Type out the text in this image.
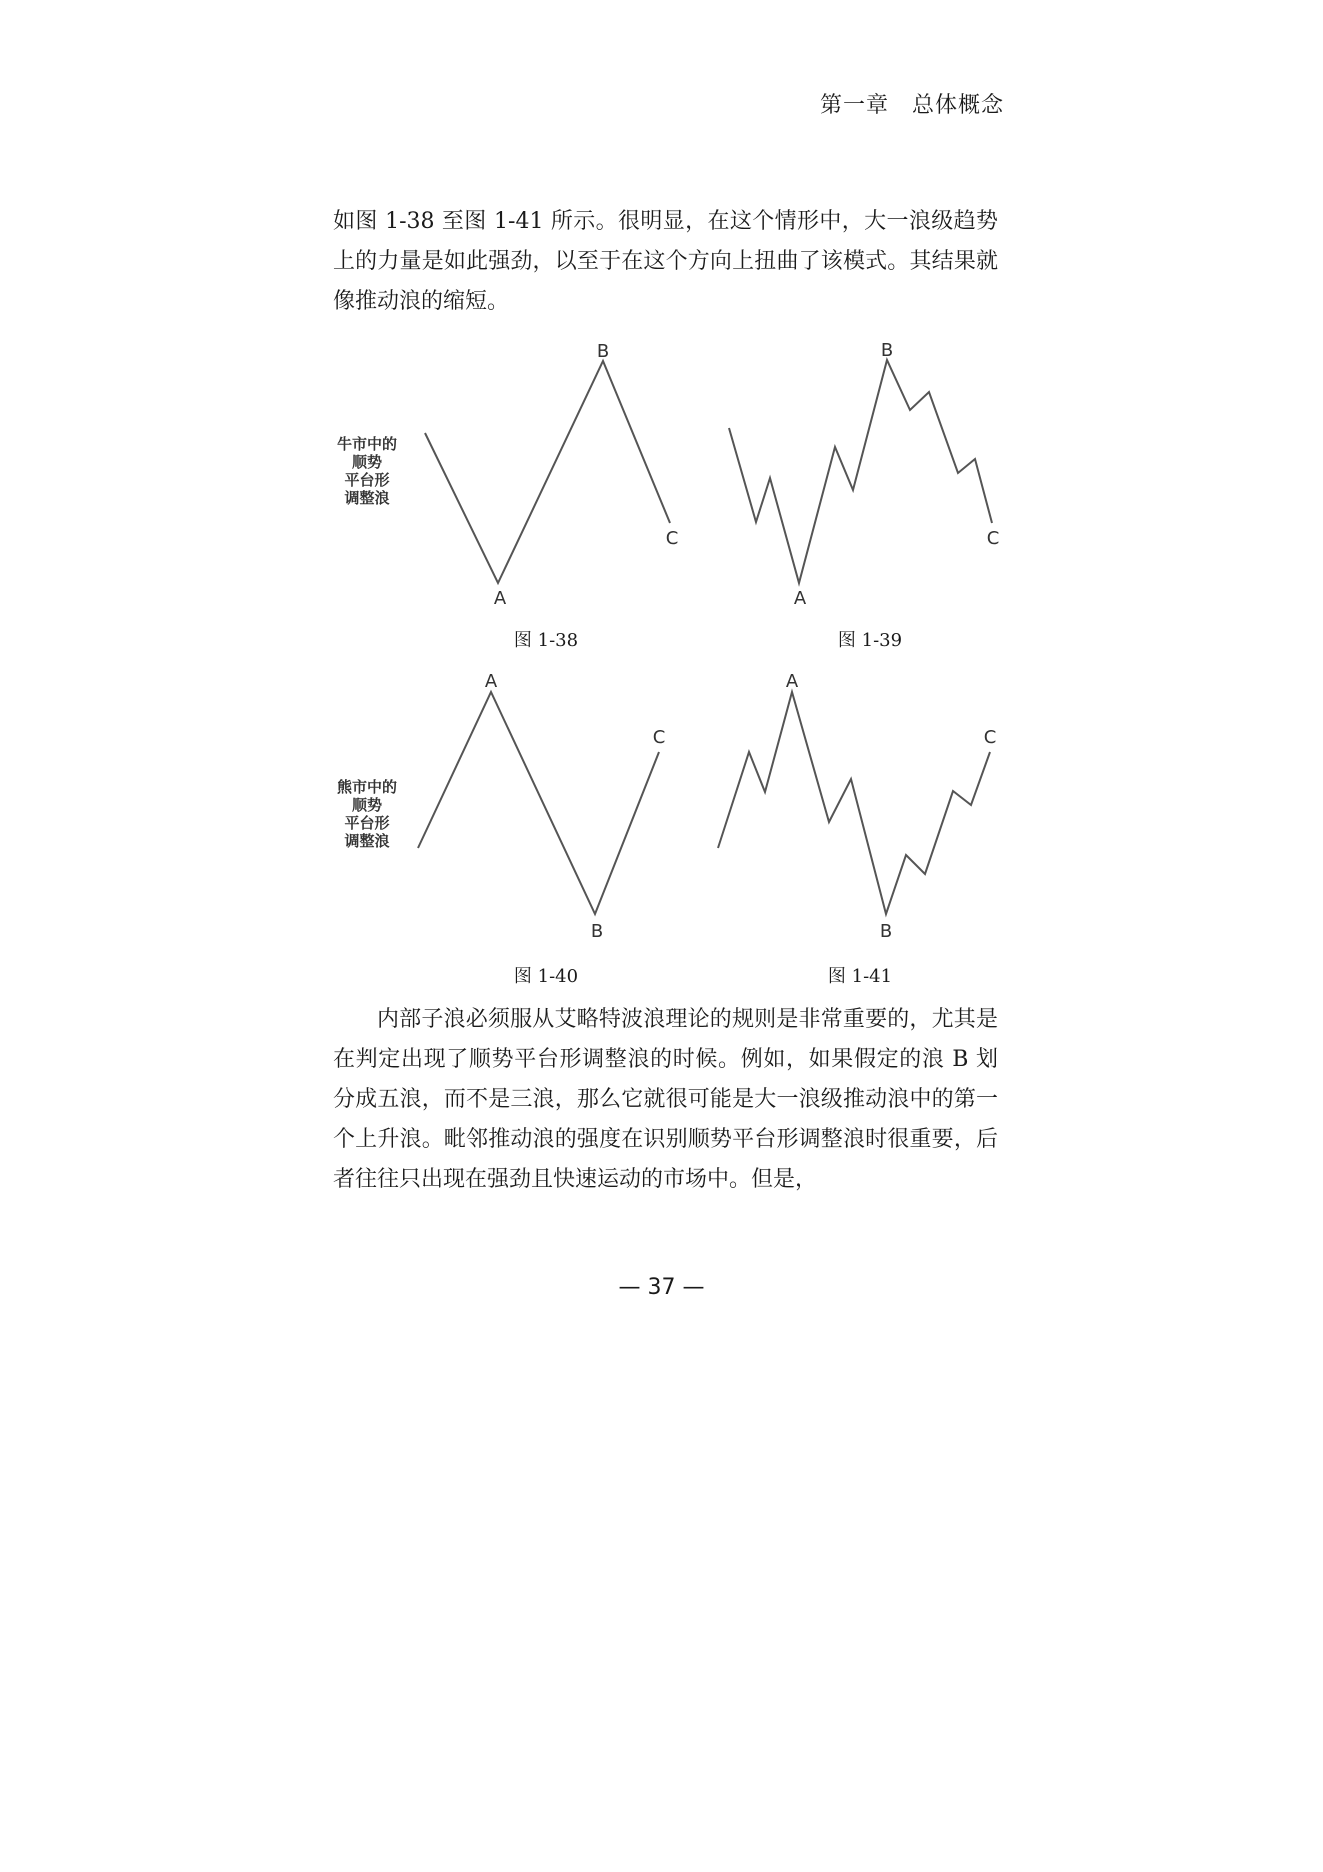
第一章　总体概念

如图 1-38 至图 1-41 所示。很明显，在这个情形中，大一浪级趋势上的力量是如此强劲，以至于在这个方向上扭曲了该模式。其结果就像推动浪的缩短。

牛市中的
顺势
平台形
调整浪
熊市中的
顺势
平台形
调整浪
B
A
C
B
A
C
A
B
C
A
B
C
图 1-38	图 1-39
图 1-40	图 1-41

内部子浪必须服从艾略特波浪理论的规则是非常重要的，尤其是在判定出现了顺势平台形调整浪的时候。例如，如果假定的浪 B 划分成五浪，而不是三浪，那么它就很可能是大一浪级推动浪中的第一个上升浪。毗邻推动浪的强度在识别顺势平台形调整浪时很重要，后者往往只出现在强劲且快速运动的市场中。但是，

— 37 —
